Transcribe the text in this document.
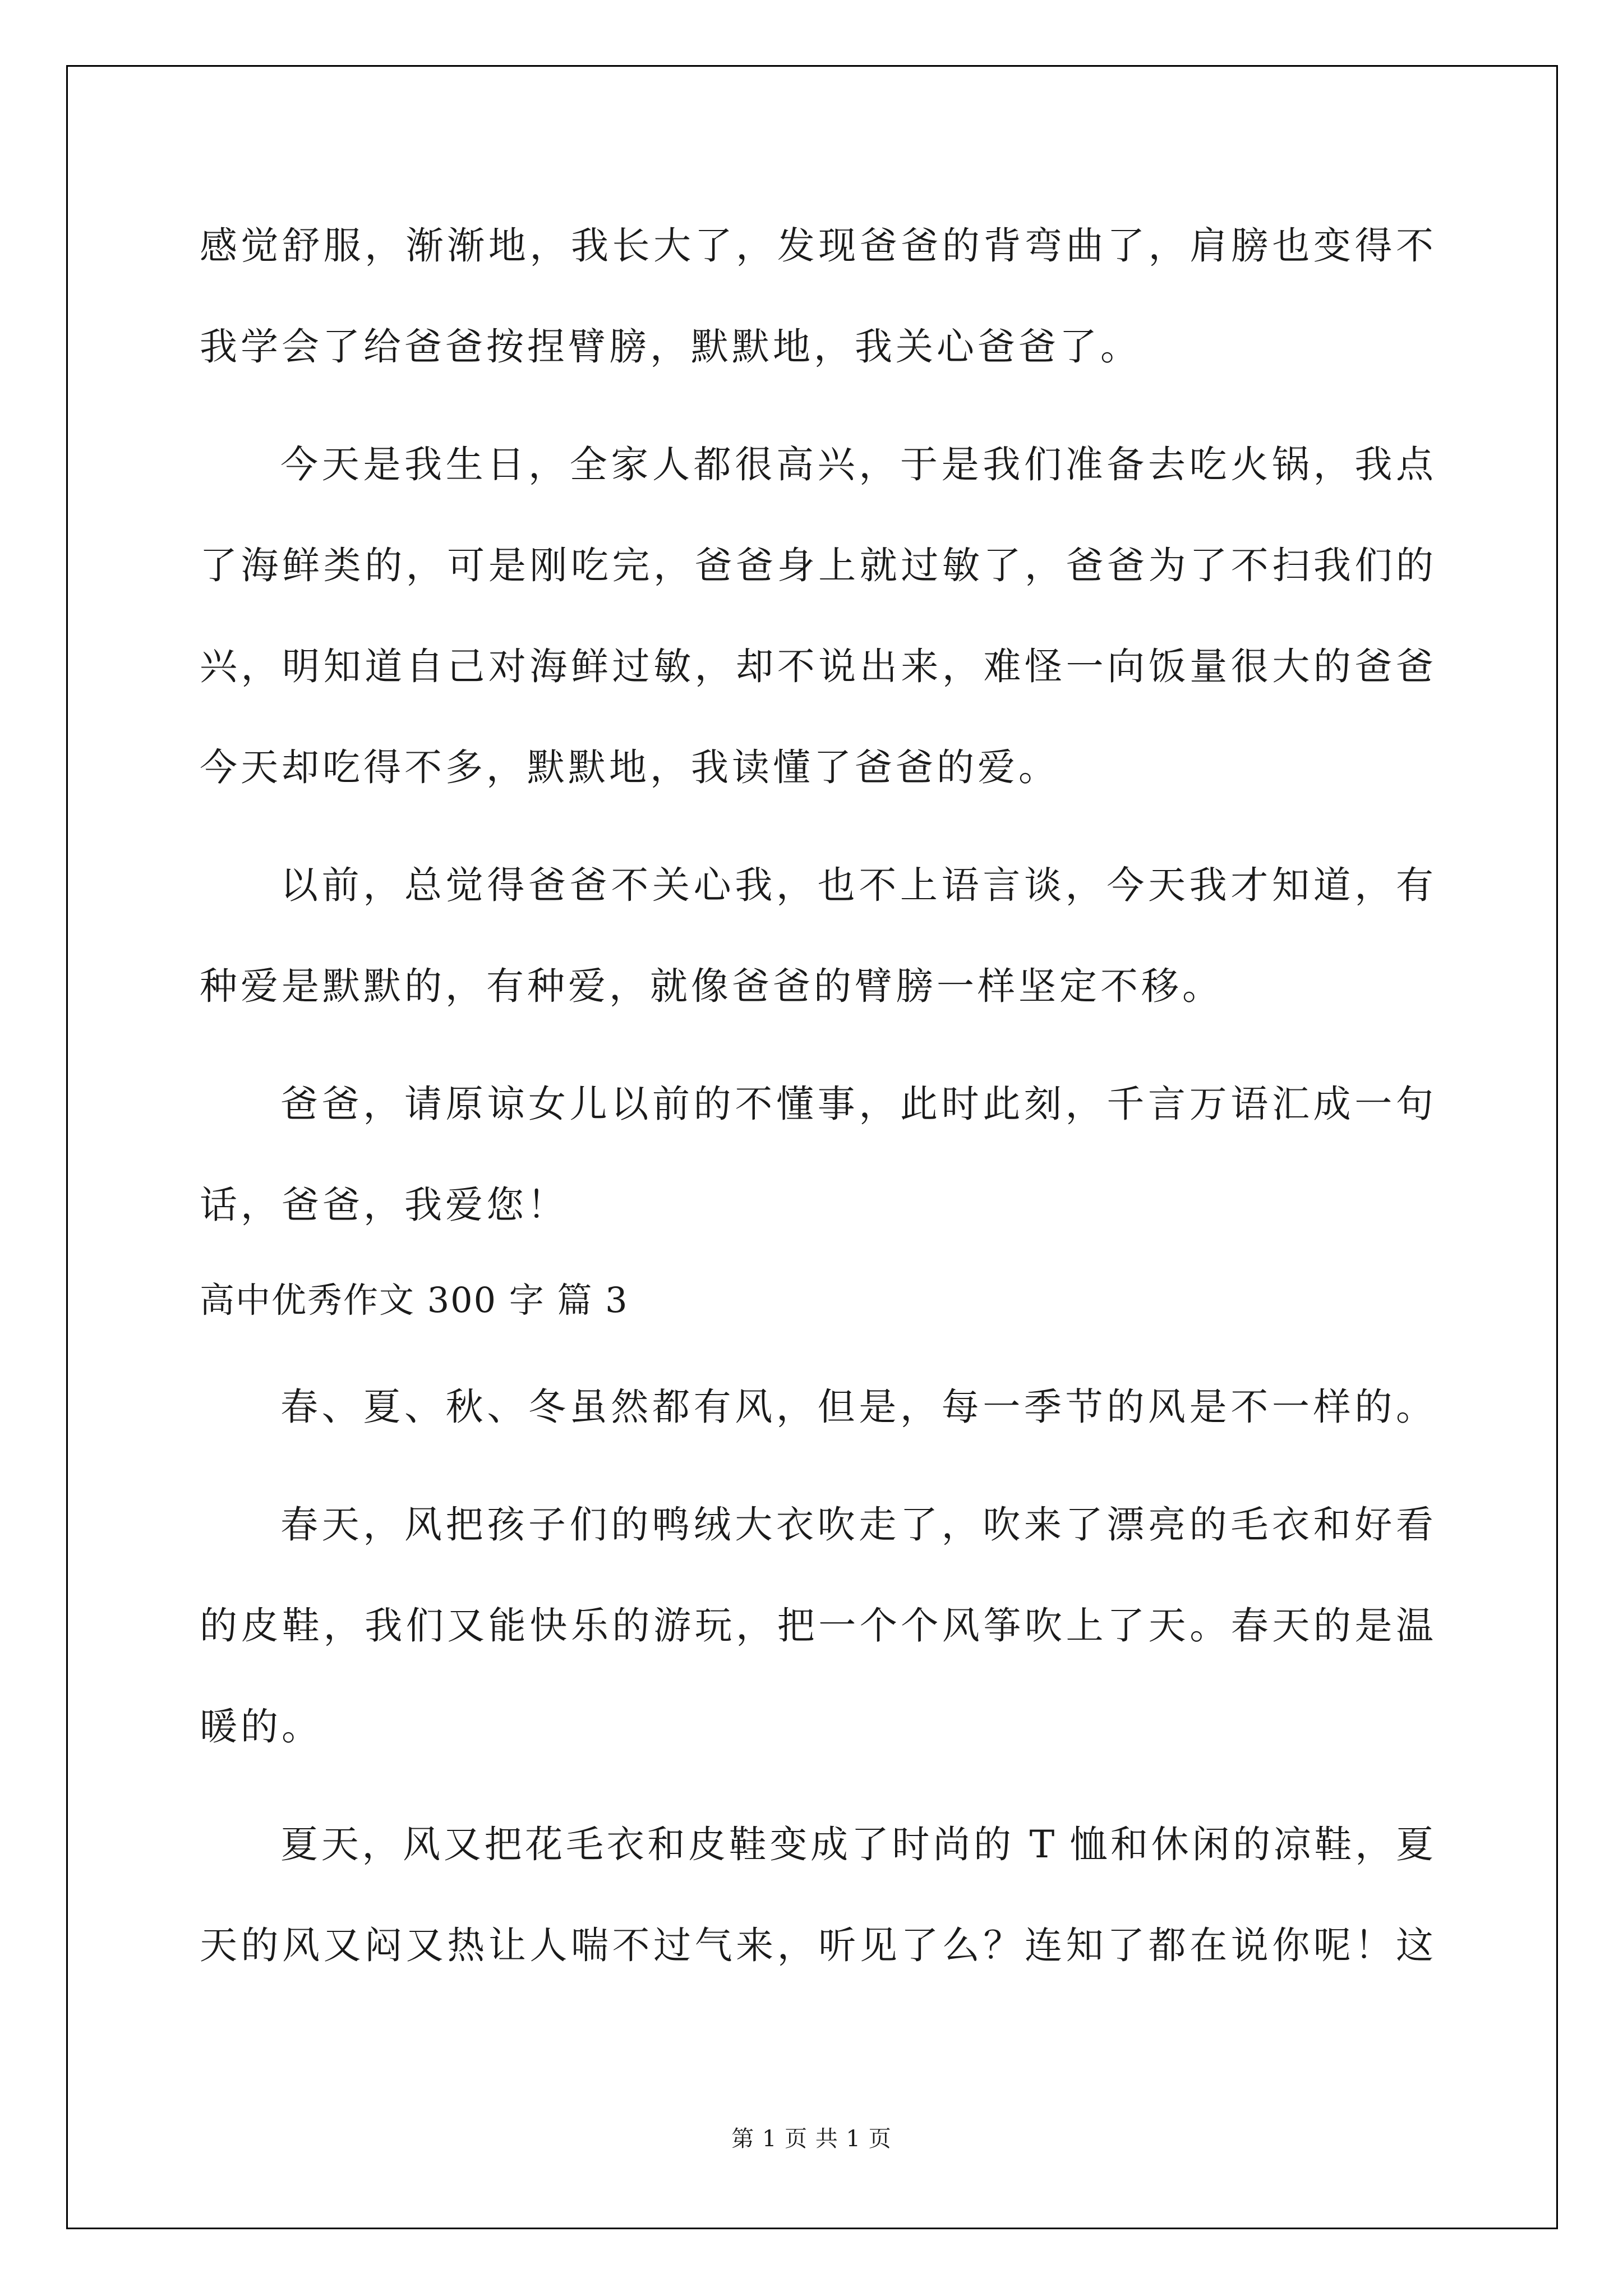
感觉舒服，渐渐地，我长大了，发现爸爸的背弯曲了，肩膀也变得不
我学会了给爸爸按捏臂膀，默默地，我关心爸爸了。
今天是我生日，全家人都很高兴，于是我们准备去吃火锅，我点
了海鲜类的，可是刚吃完，爸爸身上就过敏了，爸爸为了不扫我们的
兴，明知道自己对海鲜过敏，却不说出来，难怪一向饭量很大的爸爸
今天却吃得不多，默默地，我读懂了爸爸的爱。
以前，总觉得爸爸不关心我，也不上语言谈，今天我才知道，有
种爱是默默的，有种爱，就像爸爸的臂膀一样坚定不移。
爸爸，请原谅女儿以前的不懂事，此时此刻，千言万语汇成一句
话，爸爸，我爱您！
高中优秀作文 300 字 篇 3
春、夏、秋、冬虽然都有风，但是，每一季节的风是不一样的。
春天，风把孩子们的鸭绒大衣吹走了，吹来了漂亮的毛衣和好看
的皮鞋，我们又能快乐的游玩，把一个个风筝吹上了天。春天的是温
暖的。
夏天，风又把花毛衣和皮鞋变成了时尚的 T 恤和休闲的凉鞋，夏
天的风又闷又热让人喘不过气来，听见了么？连知了都在说你呢！这
第 1 页 共 1 页
